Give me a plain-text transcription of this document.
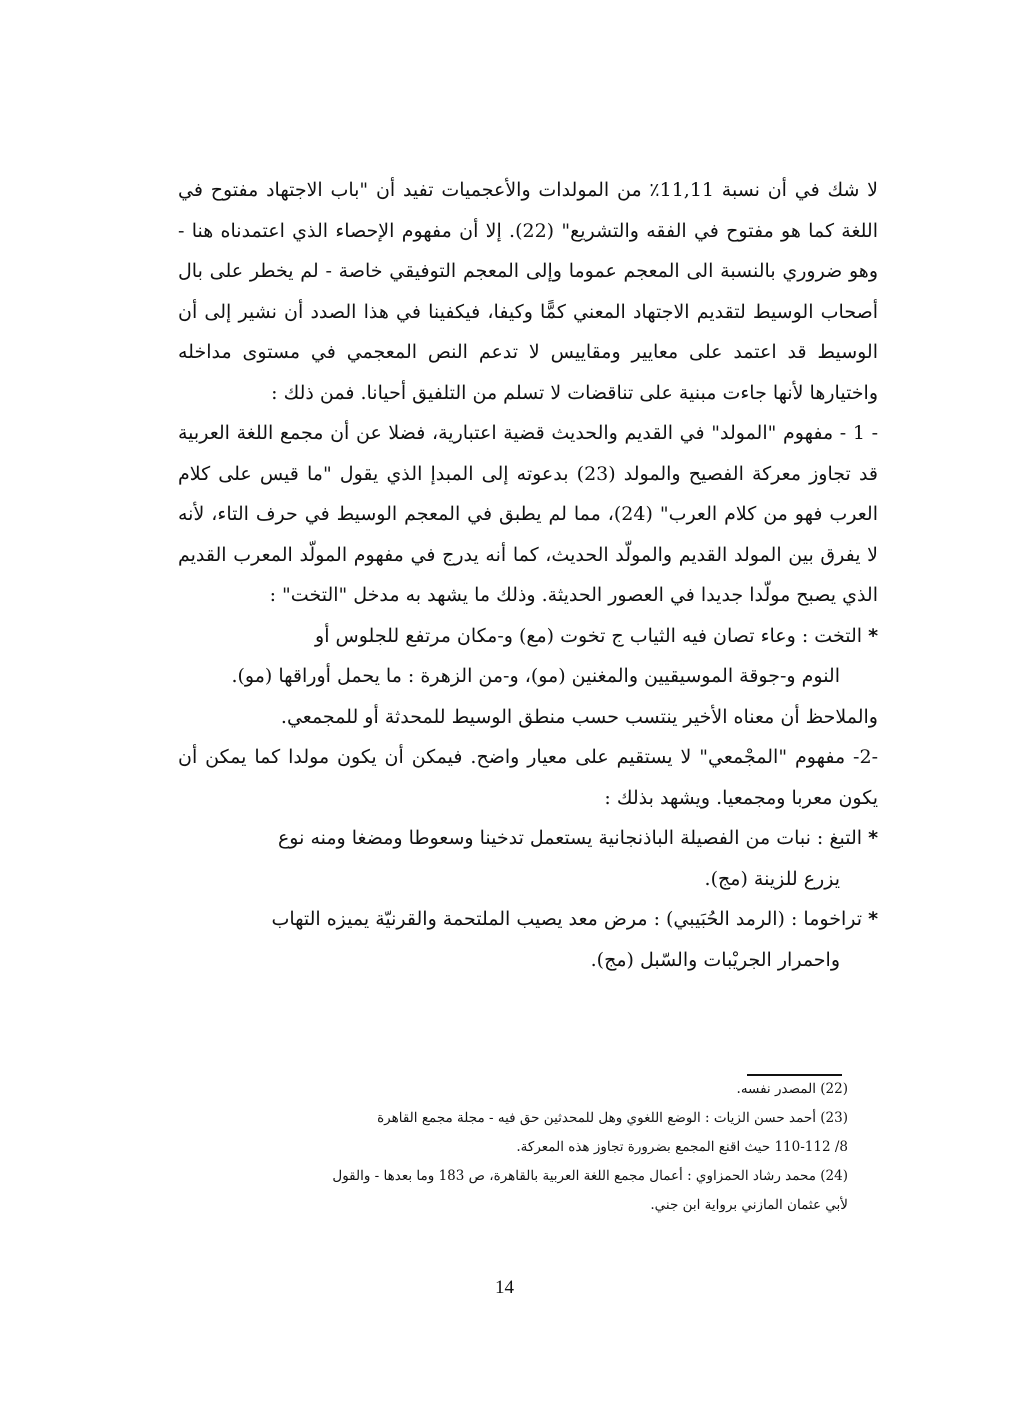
لا شك في أن نسبة 11,11٪ من المولدات والأعجميات تفيد أن "باب الاجتهاد مفتوح في اللغة كما هو مفتوح في الفقه والتشريع" (22). إلا أن مفهوم الإحصاء الذي اعتمدناه هنا - وهو ضروري بالنسبة الى المعجم عموما وإلى المعجم التوفيقي خاصة - لم يخطر على بال أصحاب الوسيط لتقديم الاجتهاد المعني كمًّا وكيفا، فيكفينا في هذا الصدد أن نشير إلى أن الوسيط قد اعتمد على معايير ومقاييس لا تدعم النص المعجمي في مستوى مداخله واختيارها لأنها جاءت مبنية على تناقضات لا تسلم من التلفيق أحيانا. فمن ذلك :

- 1 - مفهوم "المولد" في القديم والحديث قضية اعتبارية، فضلا عن أن مجمع اللغة العربية قد تجاوز معركة الفصيح والمولد (23) بدعوته إلى المبدإ الذي يقول "ما قيس على كلام العرب فهو من كلام العرب" (24)، مما لم يطبق في المعجم الوسيط في حرف التاء، لأنه لا يفرق بين المولد القديم والمولّد الحديث، كما أنه يدرج في مفهوم المولّد المعرب القديم الذي يصبح مولّدا جديدا في العصور الحديثة. وذلك ما يشهد به مدخل "التخت" :

* التخت : وعاء تصان فيه الثياب ج تخوت (مع) و-مكان مرتفع للجلوس أو
النوم و-جوقة الموسيقيين والمغنين (مو)، و-من الزهرة : ما يحمل أوراقها (مو).

والملاحظ أن معناه الأخير ينتسب حسب منطق الوسيط للمحدثة أو للمجمعي.

-2- مفهوم "المجْمعي" لا يستقيم على معيار واضح. فيمكن أن يكون مولدا كما يمكن أن يكون معربا ومجمعيا. ويشهد بذلك :

* التبغ : نبات من الفصيلة الباذنجانية يستعمل تدخينا وسعوطا ومضغا ومنه نوع
يزرع للزينة (مج).
* تراخوما : (الرمد الحُبَيبي) : مرض معد يصيب الملتحمة والقرنيّة يميزه التهاب
واحمرار الجريْبات والسّبل (مج).

(22) المصدر نفسه.

(23) أحمد حسن الزيات : الوضع اللغوي وهل للمحدثين حق فيه - مجلة مجمع القاهرة

8/ 110-112 حيث اقنع المجمع بضرورة تجاوز هذه المعركة.

(24) محمد رشاد الحمزاوي : أعمال مجمع اللغة العربية بالقاهرة، ص 183 وما بعدها - والقول

لأبي عثمان المازني برواية ابن جني.

14
